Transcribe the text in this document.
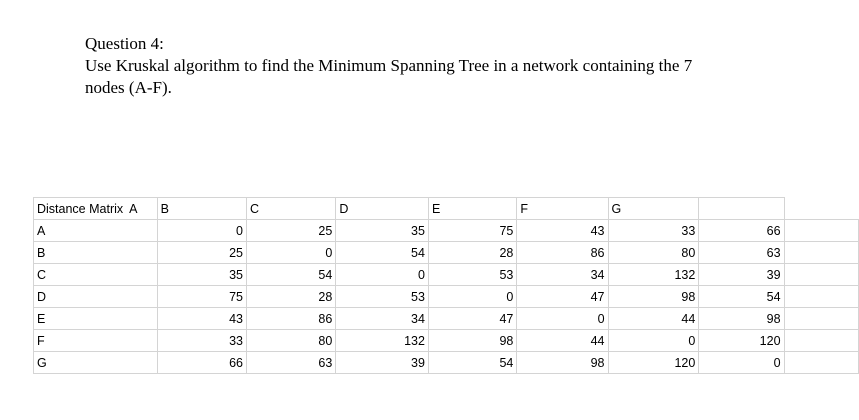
Question 4:

Use Kruskal algorithm to find the Minimum Spanning Tree in a network containing the 7

nodes (A-F).

Distance Matrix A	B	C	D	E	F	G		
A	0	25	35	75	43	33	66	
B	25	0	54	28	86	80	63	
C	35	54	0	53	34	132	39	
D	75	28	53	0	47	98	54	
E	43	86	34	47	0	44	98	
F	33	80	132	98	44	0	120	
G	66	63	39	54	98	120	0	
